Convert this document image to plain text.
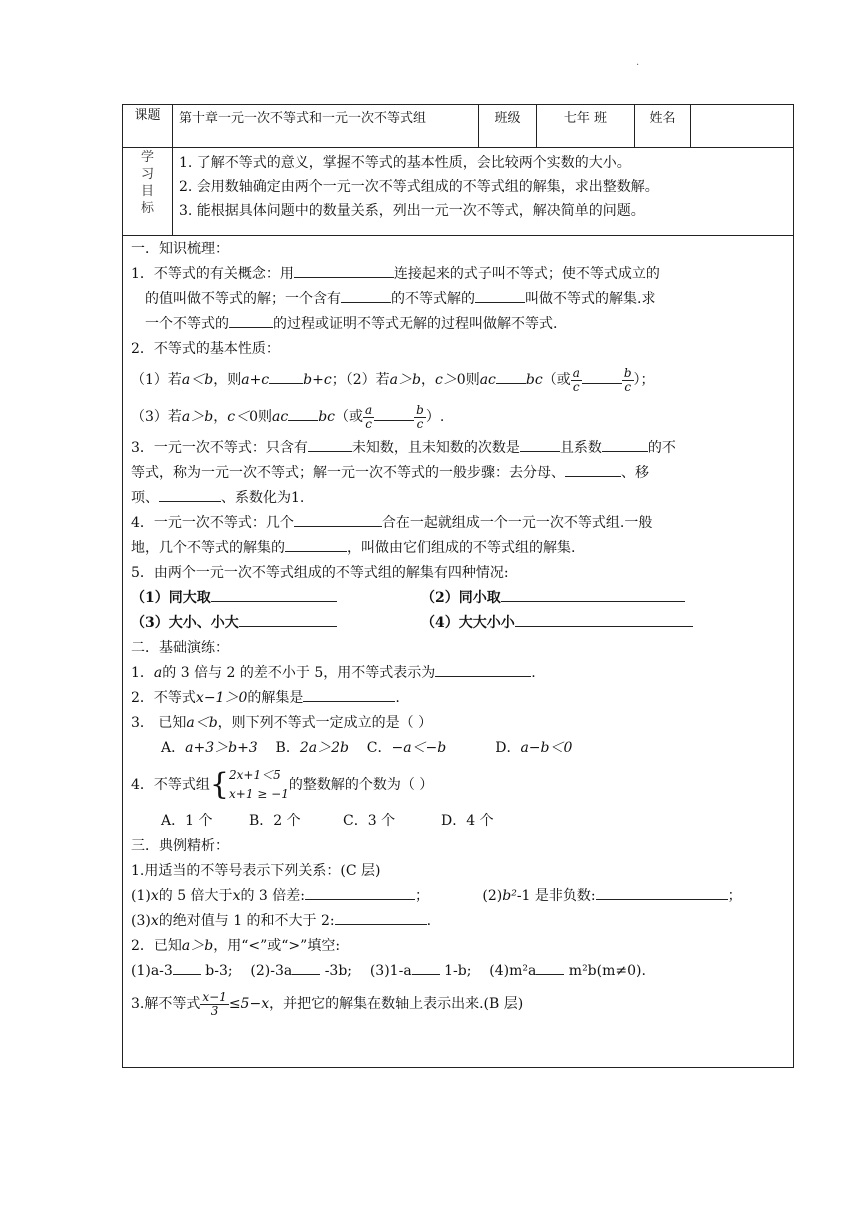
·
课题	第十章一元一次不等式和一元一次不等式组	班级	七年 班	姓名
学习目标
1. 了解不等式的意义，掌握不等式的基本性质，会比较两个实数的大小。
2. 会用数轴确定由两个一元一次不等式组成的不等式组的解集，求出整数解。
3. 能根据具体问题中的数量关系，列出一元一次不等式，解决简单的问题。
一．知识梳理：
1．不等式的有关概念：用	连接起来的式子叫不等式；使不等式成立的
的值叫做不等式的解；一个含有	的不等式解的	叫做不等式的解集.求
一个不等式的	的过程或证明不等式无解的过程叫做解不等式.
2．不等式的基本性质：
（1）若a＜b，则a+c b+c；（2）若a＞b，c＞0则ac bc（或 $\frac{a}{c}$	$\frac{b}{c}$ ）；
（3）若a＞b，c＜0则ac bc（或 $\frac{a}{c}$	$\frac{b}{c}$ ）.
3．一元一次不等式：只含有	未知数，且未知数的次数是	且系数	的不
等式，称为一元一次不等式；解一元一次不等式的一般步骤：去分母、	、移
项、	、系数化为1.
4．一元一次不等式：几个	合在一起就组成一个一元一次不等式组.一般
地，几个不等式的解集的	，叫做由它们组成的不等式组的解集.
5．由两个一元一次不等式组成的不等式组的解集有四种情况:
（1）同大取	（2）同小取
（3）大小、小大	（4）大大小小
二．基础演练：
1．a的 3 倍与 2 的差不小于 5，用不等式表示为	.
2．不等式x−1＞0的解集是	.
3． 已知a＜b，则下列不等式一定成立的是（ ）
A．a+3＞b+3 B．2a＞2b C．−a＜−b	D．a−b＜0
4．不等式组{ 2x+1＜5
x+1 ≥ −1
的整数解的个数为（ ）
A．1 个	B．2 个	C．3 个	D．4 个
三．典例精析：
1.用适当的不等号表示下列关系：(C 层)
(1)x的 5 倍大于x的 3 倍差:	；	(2)b²-1 是非负数:	；
(3)x的绝对值与 1 的和不大于 2:	.
2．已知a＞b，用“<”或“>”填空:
(1)a-3 b-3; (2)-3a -3b; (3)1-a 1-b; (4)m²a m²b(m≠0).
3.解不等式 $\frac{x-1}{3} \le 5-x$，并把它的解集在数轴上表示出来.(B 层)
